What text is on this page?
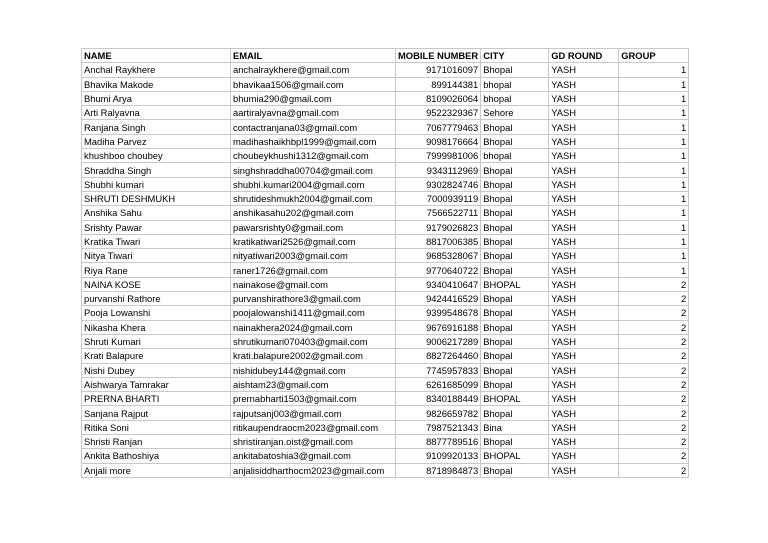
NAME	EMAIL	MOBILE NUMBER	CITY	GD ROUND	GROUP
Anchal Raykhere	anchalraykhere@gmail.com	9171016097	Bhopal	YASH	1
Bhavika Makode	bhavikaa1506@gmail.com	899144381	bhopal	YASH	1
Bhumi Arya	bhumia290@gmail.com	8109026064	bhopal	YASH	1
Arti Ralyavna	aartiralyavna@gmail.com	9522329367	Sehore	YASH	1
Ranjana Singh	contactranjana03@gmail.com	7067779463	Bhopal	YASH	1
Madiha Parvez	madihashaikhbpl1999@gmail.com	9098176664	Bhopal	YASH	1
khushboo choubey	choubeykhushi1312@gmail.com	7999981006	bhopal	YASH	1
Shraddha Singh	singhshraddha00704@gmail.com	9343112969	Bhopal	YASH	1
Shubhi kumari	shubhi.kumari2004@gmail.com	9302824746	Bhopal	YASH	1
SHRUTI DESHMUKH	shrutideshmukh2004@gmail.com	7000939119	Bhopal	YASH	1
Anshika Sahu	anshikasahu202@gmail.com	7566522711	Bhopal	YASH	1
Srishty Pawar	pawarsrishty0@gmail.com	9179026823	Bhopal	YASH	1
Kratika Tiwari	kratikatiwari2526@gmail.com	8817006385	Bhopal	YASH	1
Nitya Tiwari	nityatiwari2003@gmail.com	9685328067	Bhopal	YASH	1
Riya Rane	raner1726@gmail.com	9770640722	Bhopal	YASH	1
NAINA KOSE	nainakose@gmail.com	9340410647	BHOPAL	YASH	2
purvanshi Rathore	purvanshirathore3@gmail.com	9424416529	Bhopal	YASH	2
Pooja Lowanshi	poojalowanshi1411@gmail.com	9399548678	Bhopal	YASH	2
Nikasha Khera	nainakhera2024@gmail.com	9676916188	Bhopal	YASH	2
Shruti Kumari	shrutikumari070403@gmail.com	9006217289	Bhopal	YASH	2
Krati Balapure	krati.balapure2002@gmail.com	8827264460	Bhopal	YASH	2
Nishi Dubey	nishidubey144@gmail.com	7745957833	Bhopal	YASH	2
Aishwarya Tamrakar	aishtam23@gmail.com	6261685099	Bhopal	YASH	2
PRERNA BHARTI	prernabharti1503@gmail.com	8340188449	BHOPAL	YASH	2
Sanjana Rajput	rajputsanj003@gmail.com	9826659782	Bhopal	YASH	2
Ritika Soni	ritikaupendraocm2023@gmail.com	7987521343	Bina	YASH	2
Shristi Ranjan	shristiranjan.oist@gmail.com	8877789516	Bhopal	YASH	2
Ankita Bathoshiya	ankitabatoshia3@gmail.com	9109920133	BHOPAL	YASH	2
Anjali more	anjalisiddharthocm2023@gmail.com	8718984873	Bhopal	YASH	2
